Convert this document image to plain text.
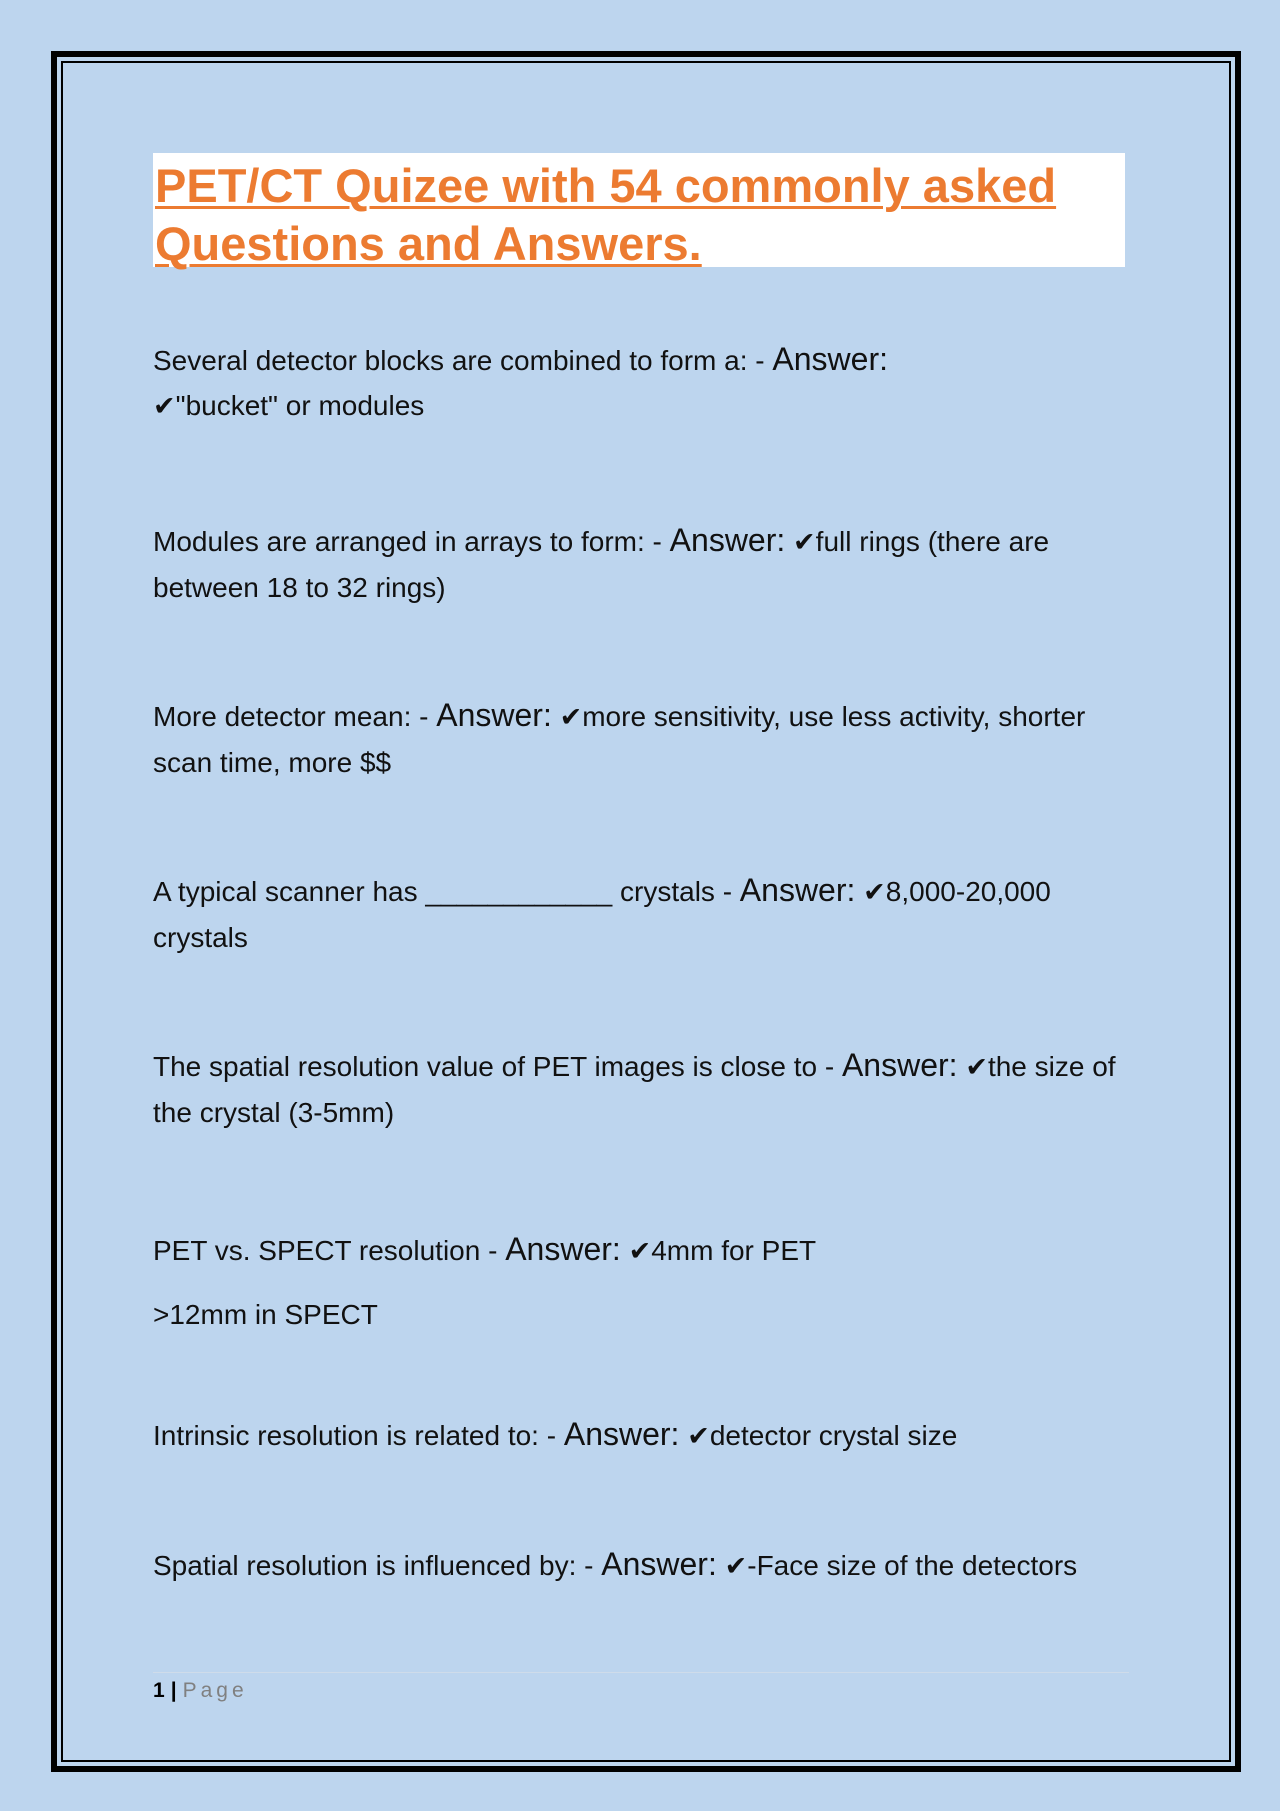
PET/CT Quizee with 54 commonly asked Questions and Answers.

Several detector blocks are combined to form a: - Answer:
✔︎"bucket" or modules

Modules are arranged in arrays to form: - Answer: ✔︎full rings (there are between 18 to 32 rings)

More detector mean: - Answer: ✔︎more sensitivity, use less activity, shorter scan time, more $$

A typical scanner has ____________ crystals - Answer: ✔︎8,000-20,000 crystals

The spatial resolution value of PET images is close to - Answer: ✔︎the size of the crystal (3-5mm)

PET vs. SPECT resolution - Answer: ✔︎4mm for PET
>12mm in SPECT

Intrinsic resolution is related to: - Answer: ✔︎detector crystal size

Spatial resolution is influenced by: - Answer: ✔︎-Face size of the detectors

1 | Page
